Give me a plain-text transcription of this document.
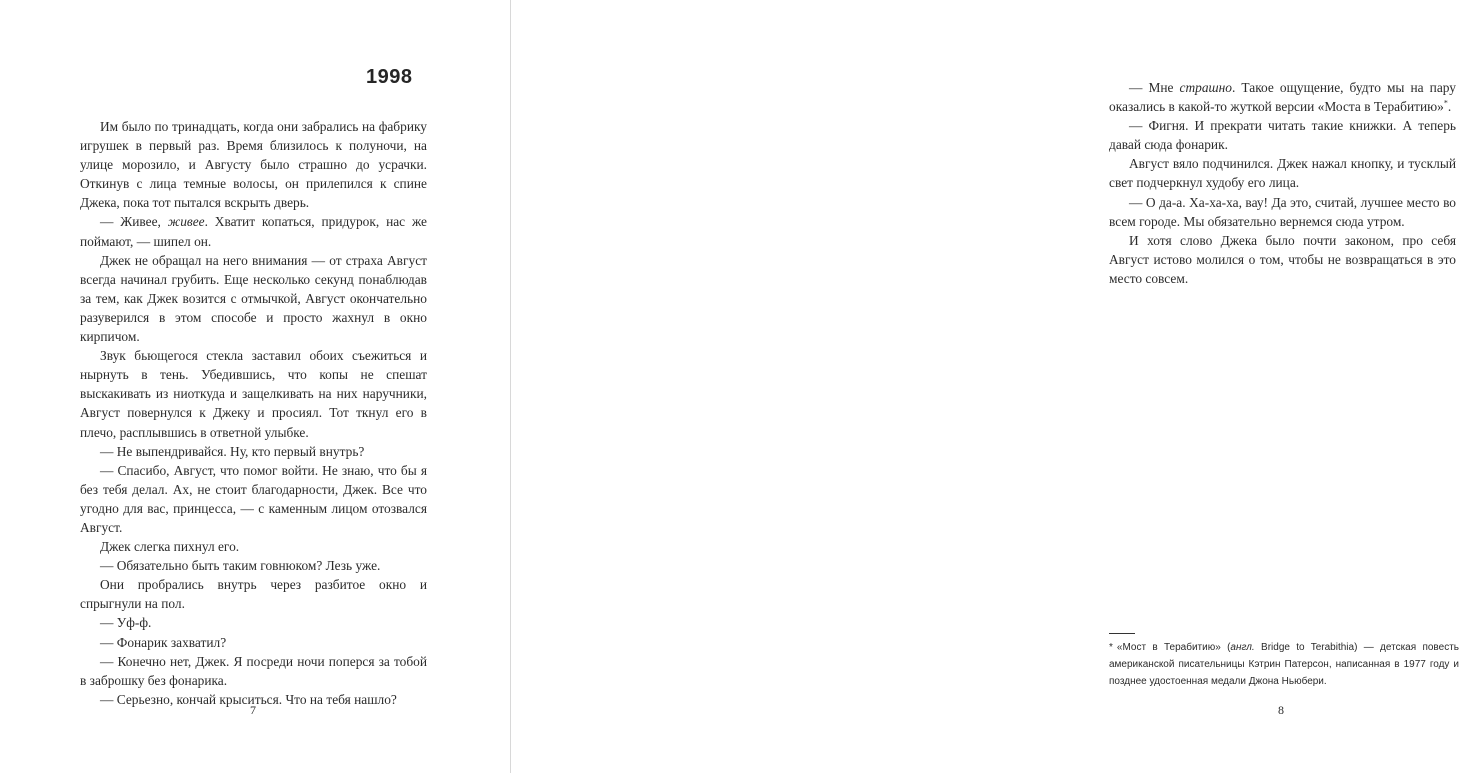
1998

Им было по тринадцать, когда они забрались на фабрику игрушек в первый раз. Время близилось к полуночи, на улице морозило, и Августу было страшно до усрачки. Откинув с лица темные волосы, он прилепился к спине Джека, пока тот пытался вскрыть дверь.

— Живее, живее. Хватит копаться, придурок, нас же поймают, — шипел он.

Джек не обращал на него внимания — от страха Август всегда начинал грубить. Еще несколько секунд понаблюдав за тем, как Джек возится с отмычкой, Август окончательно разуверился в этом способе и просто жахнул в окно кирпичом.

Звук бьющегося стекла заставил обоих съежиться и нырнуть в тень. Убедившись, что копы не спешат выскакивать из ниоткуда и защелкивать на них наручники, Август повернулся к Джеку и просиял. Тот ткнул его в плечо, расплывшись в ответной улыбке.

— Не выпендривайся. Ну, кто первый внутрь?

— Спасибо, Август, что помог войти. Не знаю, что бы я без тебя делал. Ах, не стоит благодарности, Джек. Все что угодно для вас, принцесса, — с каменным лицом отозвался Август.

Джек слегка пихнул его.

— Обязательно быть таким говнюком? Лезь уже.

Они пробрались внутрь через разбитое окно и спрыгнули на пол.

— Уф-ф.

— Фонарик захватил?

— Конечно нет, Джек. Я посреди ночи поперся за тобой в заброшку без фонарика.

— Серьезно, кончай крыситься. Что на тебя нашло?

7

— Мне страшно. Такое ощущение, будто мы на пару оказались в какой-то жуткой версии «Моста в Терабитию»*.

— Фигня. И прекрати читать такие книжки. А теперь давай сюда фонарик.

Август вяло подчинился. Джек нажал кнопку, и тусклый свет подчеркнул худобу его лица.

— О да-а. Ха-ха-ха, вау! Да это, считай, лучшее место во всем городе. Мы обязательно вернемся сюда утром.

И хотя слово Джека было почти законом, про себя Август истово молился о том, чтобы не возвращаться в это место совсем.

* «Мост в Терабитию» (англ. Bridge to Terabithia) — детская повесть американской писательницы Кэтрин Патерсон, написанная в 1977 году и позднее удостоенная медали Джона Ньюбери.

8
